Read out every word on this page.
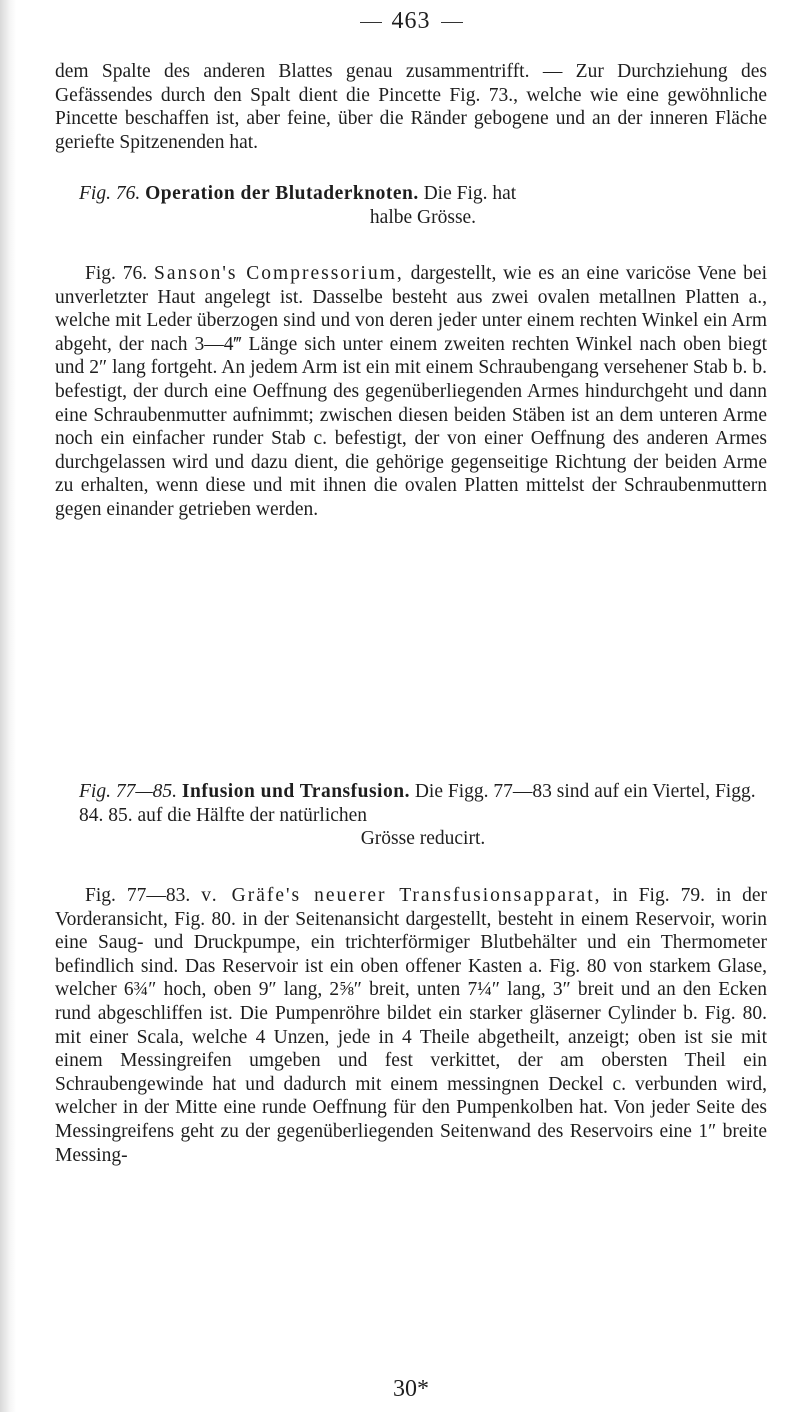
463

dem Spalte des anderen Blattes genau zusammentrifft. — Zur Durchziehung des Gefässendes durch den Spalt dient die Pincette Fig. 73., welche wie eine gewöhnliche Pincette beschaffen ist, aber feine, über die Ränder gebogene und an der inneren Fläche geriefte Spitzenenden hat.

Fig. 76. Operation der Blutaderknoten. Die Fig. hat
halbe Grösse.

Fig. 76. Sanson's Compressorium, dargestellt, wie es an eine varicöse Vene bei unverletzter Haut angelegt ist. Dasselbe besteht aus zwei ovalen metallnen Platten a., welche mit Leder überzogen sind und von deren jeder unter einem rechten Winkel ein Arm abgeht, der nach 3—4‴ Länge sich unter einem zweiten rechten Winkel nach oben biegt und 2″ lang fortgeht. An jedem Arm ist ein mit einem Schraubengang versehener Stab b. b. befestigt, der durch eine Oeffnung des gegenüberliegenden Armes hindurchgeht und dann eine Schraubenmutter aufnimmt; zwischen diesen beiden Stäben ist an dem unteren Arme noch ein einfacher runder Stab c. befestigt, der von einer Oeffnung des anderen Armes durchgelassen wird und dazu dient, die gehörige gegenseitige Richtung der beiden Arme zu erhalten, wenn diese und mit ihnen die ovalen Platten mittelst der Schraubenmuttern gegen einander getrieben werden.

Fig. 77—85. Infusion und Transfusion. Die Figg. 77—83 sind auf ein Viertel, Figg. 84. 85. auf die Hälfte der natürlichen
Grösse reducirt.

Fig. 77—83. v. Gräfe's neuerer Transfusionsapparat, in Fig. 79. in der Vorderansicht, Fig. 80. in der Seitenansicht dargestellt, besteht in einem Reservoir, worin eine Saug- und Druckpumpe, ein trichterförmiger Blutbehälter und ein Thermometer befindlich sind. Das Reservoir ist ein oben offener Kasten a. Fig. 80 von starkem Glase, welcher 6¾″ hoch, oben 9″ lang, 2⅝″ breit, unten 7¼″ lang, 3″ breit und an den Ecken rund abgeschliffen ist. Die Pumpenröhre bildet ein starker gläserner Cylinder b. Fig. 80. mit einer Scala, welche 4 Unzen, jede in 4 Theile abgetheilt, anzeigt; oben ist sie mit einem Messingreifen umgeben und fest verkittet, der am obersten Theil ein Schraubengewinde hat und dadurch mit einem messingnen Deckel c. verbunden wird, welcher in der Mitte eine runde Oeffnung für den Pumpenkolben hat. Von jeder Seite des Messingreifens geht zu der gegenüberliegenden Seitenwand des Reservoirs eine 1″ breite Messing-

30*
